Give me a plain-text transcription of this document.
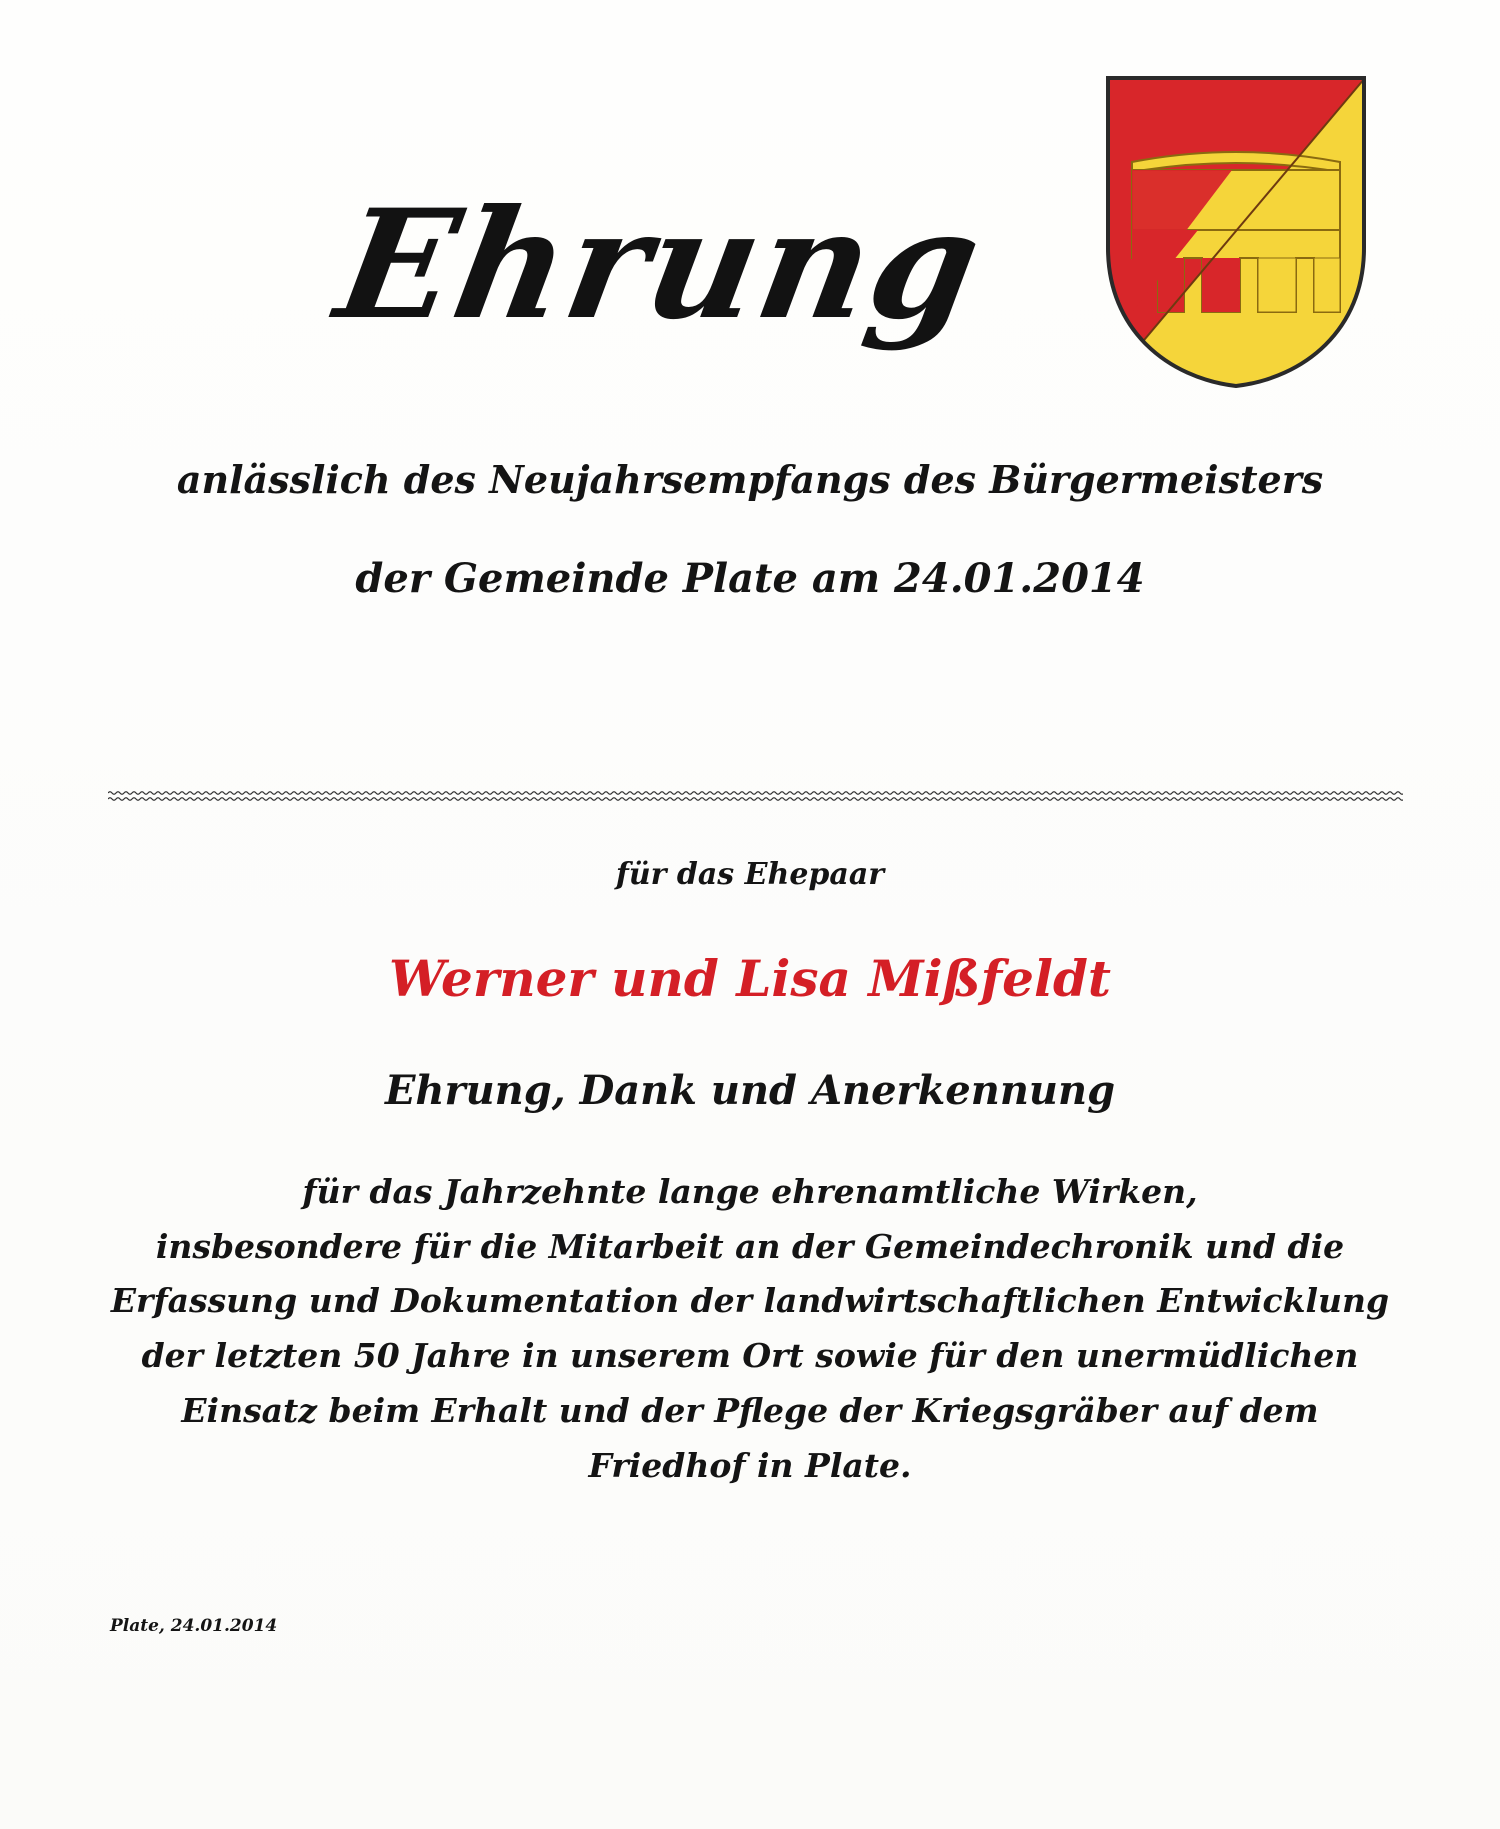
Ehrung
anlässlich des Neujahrsempfangs des Bürgermeisters
der Gemeinde Plate am 24.01.2014
für das Ehepaar
Werner und Lisa Mißfeldt
Ehrung, Dank und Anerkennung
für das Jahrzehnte lange ehrenamtliche Wirken,
insbesondere für die Mitarbeit an der Gemeindechronik und die
Erfassung und Dokumentation der landwirtschaftlichen Entwicklung
der letzten 50 Jahre in unserem Ort sowie für den unermüdlichen
Einsatz beim Erhalt und der Pflege der Kriegsgräber auf dem
Friedhof in Plate.
Plate, 24.01.2014
